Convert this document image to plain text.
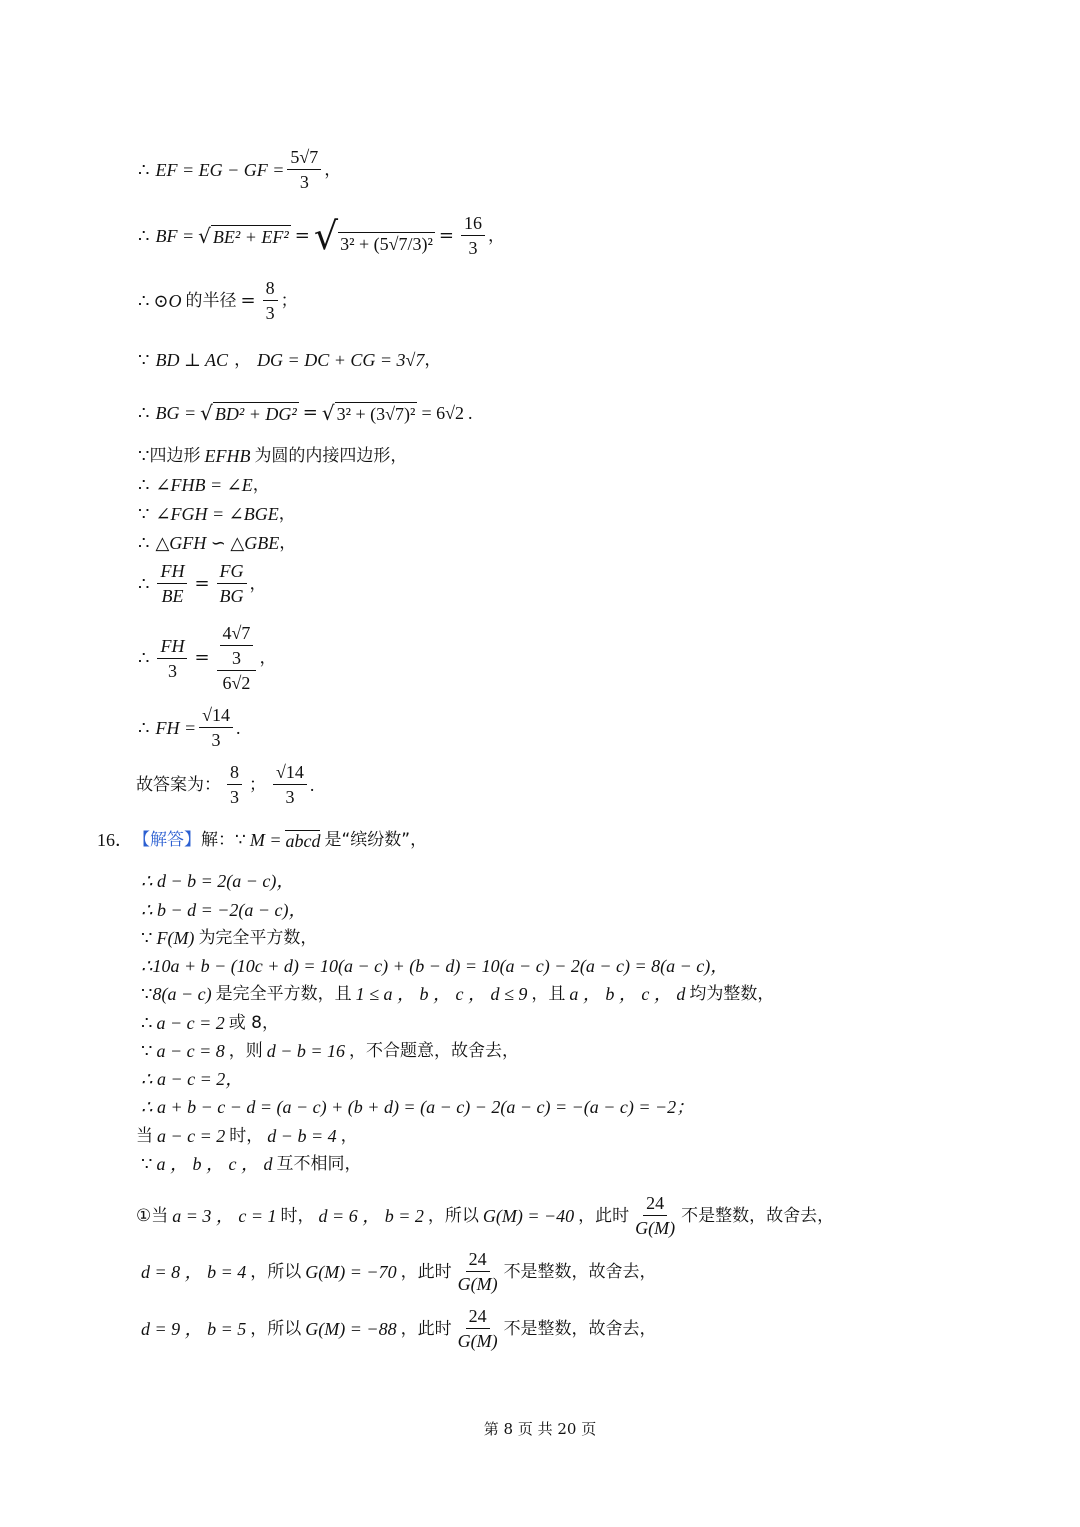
∴ EF = EG − GF = $\frac{5√7}{3}$ ，
∴ BF = √ BE² + EF² = √ $3^2 + (5√7/3)^2 = \frac{16}{3}$ ，
∴ ⊙O 的半径 = $\frac{8}{3}$ ；
∵ BD ⊥ AC ， DG = DC + CG = 3√7 ，
∴ BG = √ BD² + DG² = √ 3² + (3√7)² = 6√2 .
∵ 四边形 EFHB 为圆的内接四边形，
∴ ∠FHB = ∠E ，
∵ ∠FGH = ∠BGE ，
∴ △GFH ∽ △GBE ，
∴ $\frac{FH}{BE} = \frac{FG}{BG}$ ，
∴ $\frac{FH}{3} = \frac{\frac{4√7}{3}}{6√2}$ ，
∴ FH = $\frac{√14}{3}$ .
故答案为： $\frac{8}{3}$ ； $\frac{√14}{3}$ .
16． 【解答】 解：∵ M = abcd 是“缤纷数”，
∴ d − b = 2(a − c)，
∴ b − d = −2(a − c)，
∵ F(M) 为完全平方数，
∴10a + b − (10c + d) = 10(a − c) + (b − d) = 10(a − c) − 2(a − c) = 8(a − c)，
∵ 8(a − c) 是完全平方数，且 1 ≤ a ， b ， c ， d ≤ 9 ，且 a ， b ， c ， d 均为整数，
∴ a − c = 2 或 8，
∵ a − c = 8 ，则 d − b = 16 ，不合题意，故舍去，
∴ a − c = 2，
∴ a + b − c − d = (a − c) + (b + d) = (a − c) − 2(a − c) = −(a − c) = −2；
当 a − c = 2 时， d − b = 4 ，
∵ a ， b ， c ， d 互不相同，
①当 a = 3 ， c = 1 时， d = 6 ， b = 2 ，所以 G(M) = −40 ，此时 $\frac{24}{G(M)}$ 不是整数，故舍去，
d = 8 ， b = 4 ，所以 G(M) = −70 ，此时 $\frac{24}{G(M)}$ 不是整数，故舍去，
d = 9 ， b = 5 ，所以 G(M) = −88 ，此时 $\frac{24}{G(M)}$ 不是整数，故舍去，
第 8 页 共 20 页
